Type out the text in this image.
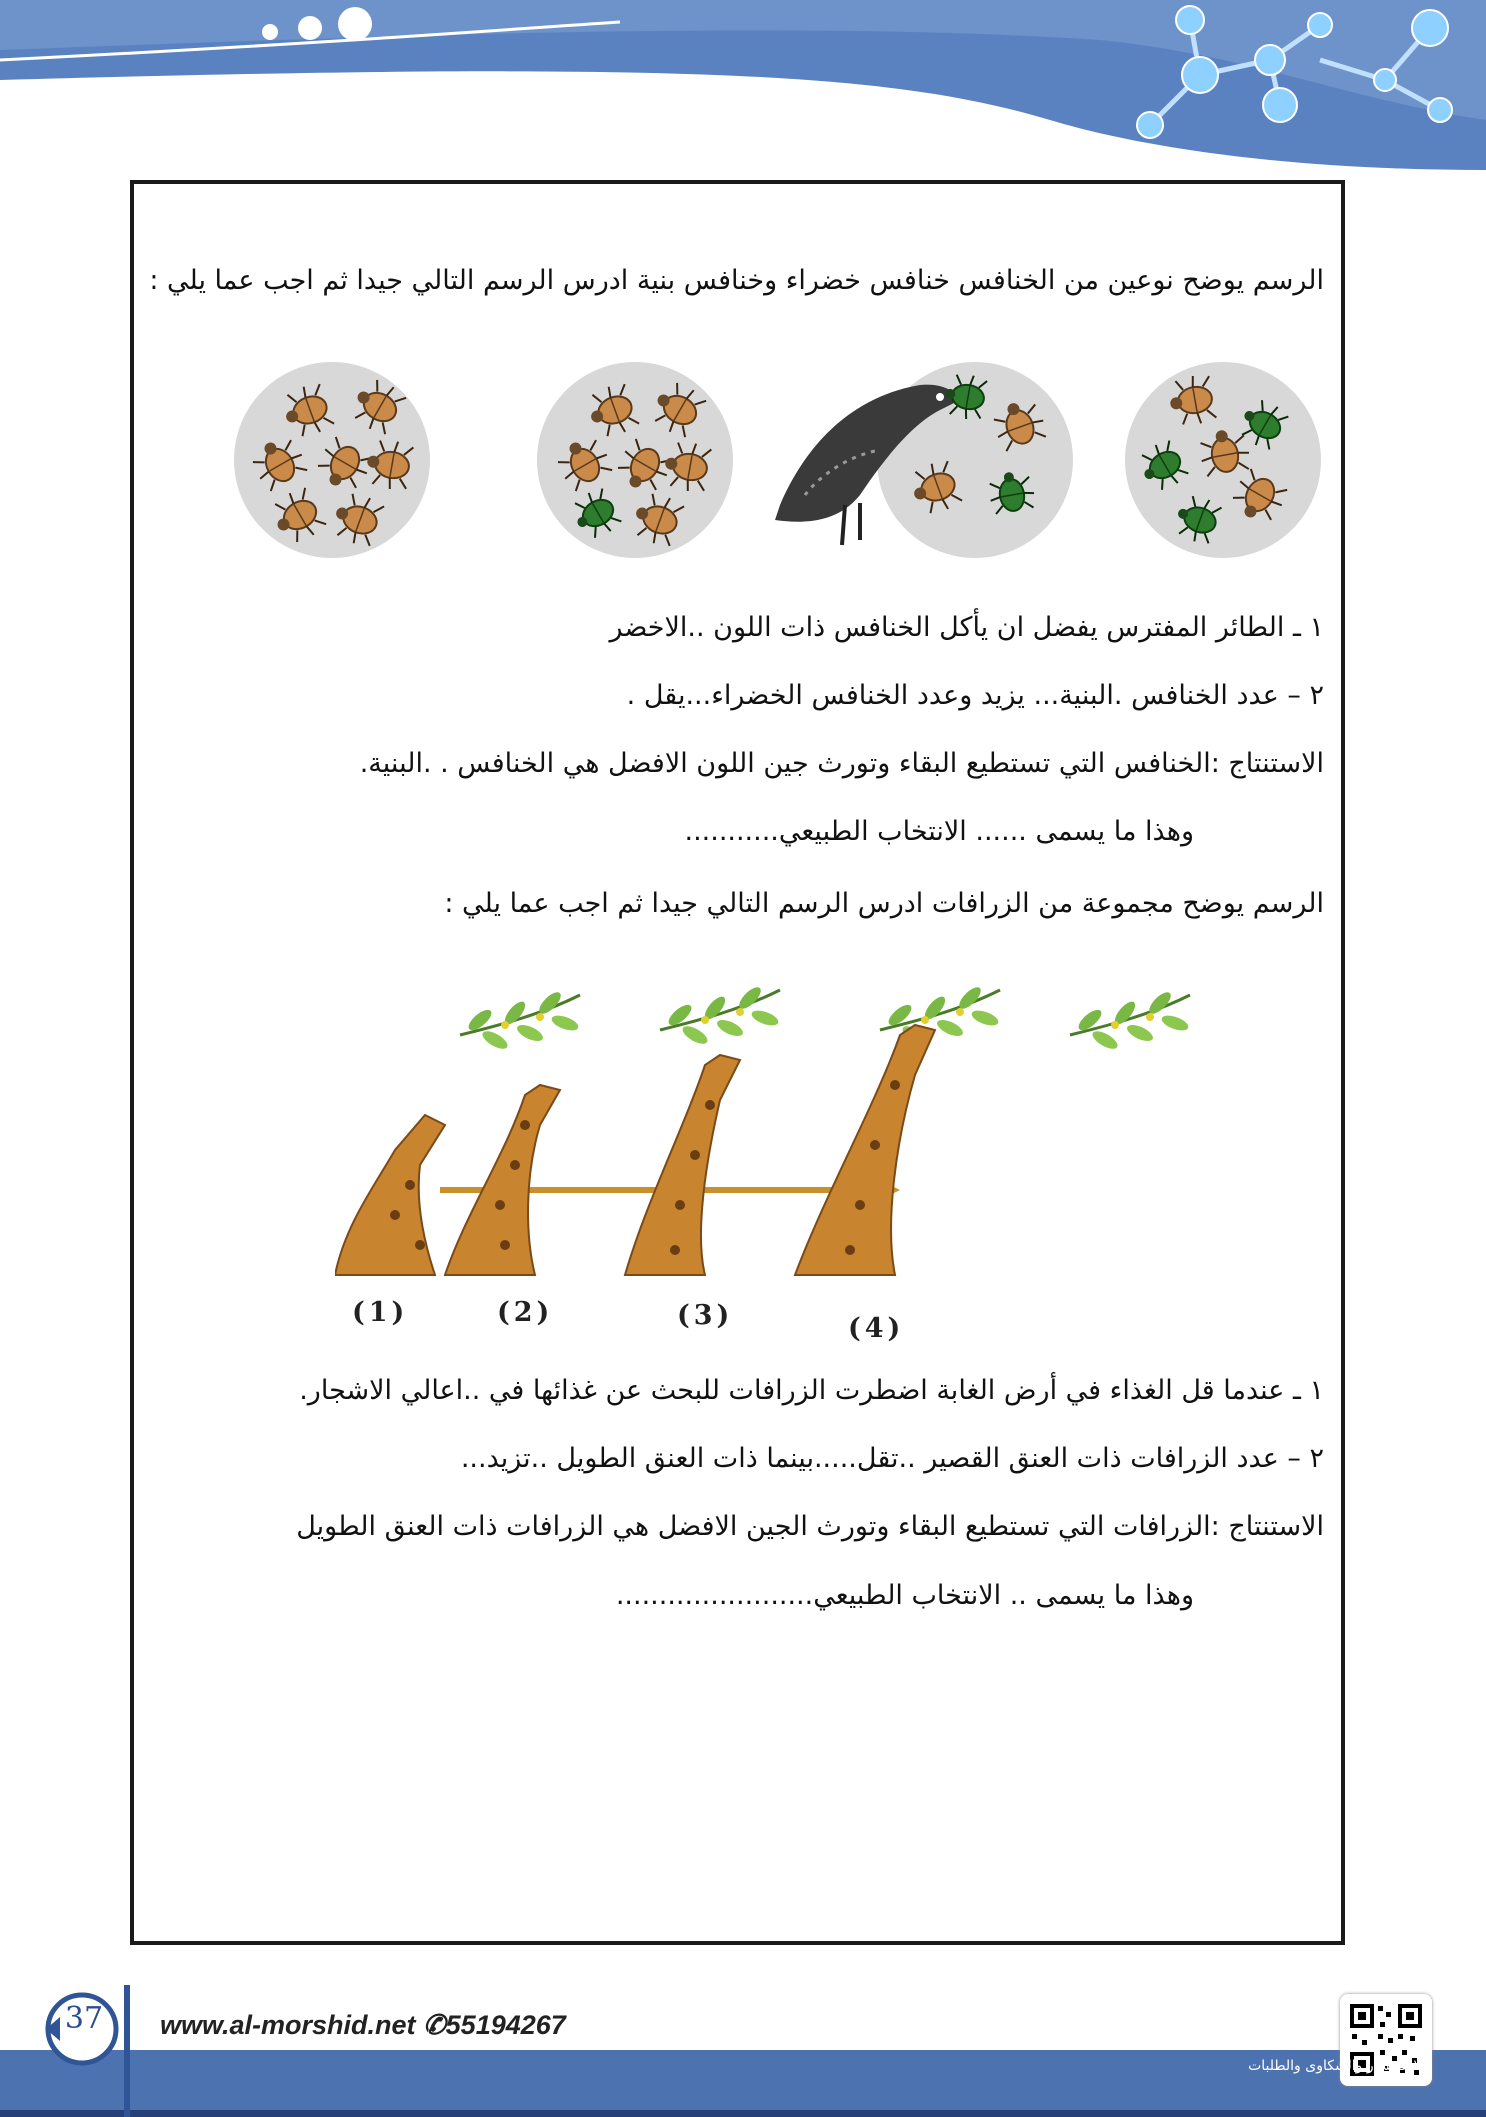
الرسم يوضح نوعين من الخنافس خنافس خضراء وخنافس بنية ادرس الرسم التالي جيدا ثم اجب عما يلي :
١ ـ الطائر المفترس يفضل ان يأكل الخنافس ذات اللون ..الاخضر
٢ – عدد الخنافس .البنية... يزيد وعدد الخنافس الخضراء...يقل .
الاستنتاج :الخنافس التي تستطيع البقاء وتورث جين اللون الافضل هي الخنافس . .البنية.
وهذا ما يسمى ...... الانتخاب الطبيعي...........
الرسم يوضح مجموعة من الزرافات ادرس الرسم التالي جيدا ثم اجب عما يلي :
(1)	(2)	(3)	(4)
١ ـ عندما قل الغذاء في أرض الغابة اضطرت الزرافات للبحث عن غذائها في ..اعالي الاشجار.
٢ – عدد الزرافات ذات العنق القصير ..تقل.....بينما ذات العنق الطويل ..تزيد...
الاستنتاج :الزرافات التي تستطيع البقاء وتورث الجين الافضل هي الزرافات ذات العنق الطويل
وهذا ما يسمى .. الانتخاب الطبيعي.......................
37	www.al-morshid.net ✆55194267
للاستفسار والشكاوى والطلبات
